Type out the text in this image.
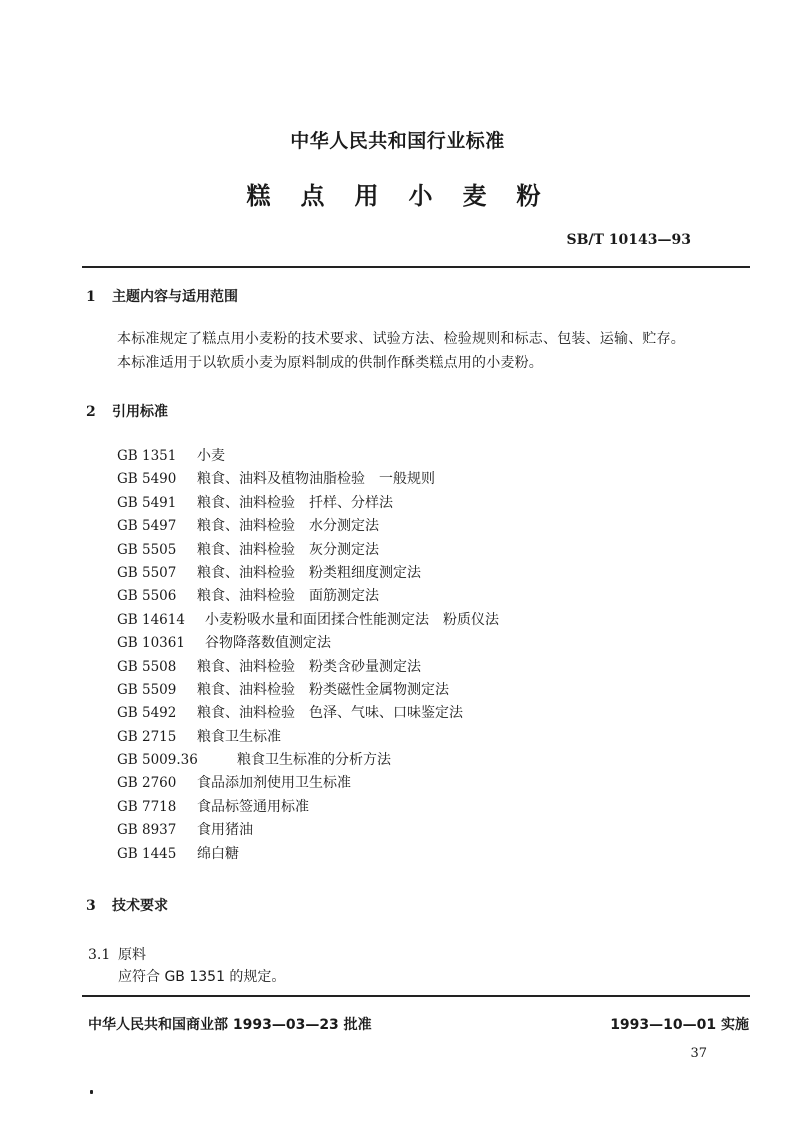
中华人民共和国行业标准
糕点用小麦粉
SB/T 10143—93
1 主题内容与适用范围
本标准规定了糕点用小麦粉的技术要求、试验方法、检验规则和标志、包装、运输、贮存。
本标准适用于以软质小麦为原料制成的供制作酥类糕点用的小麦粉。
2 引用标准
GB 1351 小麦
GB 5490 粮食、油料及植物油脂检验　一般规则
GB 5491 粮食、油料检验　扦样、分样法
GB 5497 粮食、油料检验　水分测定法
GB 5505 粮食、油料检验　灰分测定法
GB 5507 粮食、油料检验　粉类粗细度测定法
GB 5506 粮食、油料检验　面筋测定法
GB 14614 小麦粉吸水量和面团揉合性能测定法　粉质仪法
GB 10361 谷物降落数值测定法
GB 5508 粮食、油料检验　粉类含砂量测定法
GB 5509 粮食、油料检验　粉类磁性金属物测定法
GB 5492 粮食、油料检验　色泽、气味、口味鉴定法
GB 2715 粮食卫生标准
GB 5009.36	粮食卫生标准的分析方法
GB 2760 食品添加剂使用卫生标准
GB 7718 食品标签通用标准
GB 8937 食用猪油
GB 1445 绵白糖
3 技术要求
3.1 原料
应符合 GB 1351 的规定。
中华人民共和国商业部 1993—03—23 批准	1993—10—01 实施
37
